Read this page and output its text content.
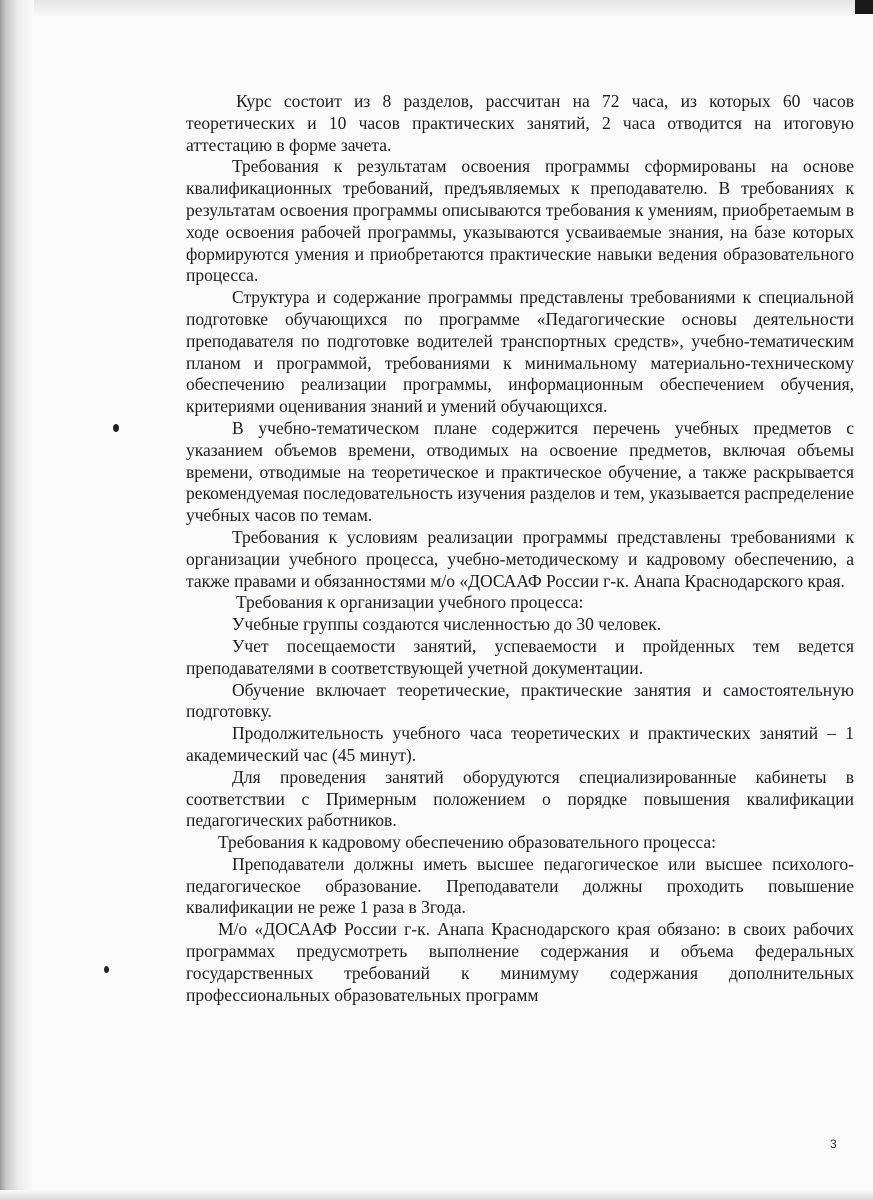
Курс состоит из 8 разделов, рассчитан на 72 часа, из которых 60 часов теоретических и 10 часов практических занятий, 2 часа отводится на итоговую аттестацию в форме зачета.

Требования к результатам освоения программы сформированы на основе квалификационных требований, предъявляемых к преподавателю. В требованиях к результатам освоения программы описываются требования к умениям, приобретаемым в ходе освоения рабочей программы, указываются усваиваемые знания, на базе которых формируются умения и приобретаются практические навыки ведения образовательного процесса.

Структура и содержание программы представлены требованиями к специальной подготовке обучающихся по программе «Педагогические основы деятельности преподавателя по подготовке водителей транспортных средств», учебно-тематическим планом и программой, требованиями к минимальному материально-техническому обеспечению реализации программы, информационным обеспечением обучения, критериями оценивания знаний и умений обучающихся.

В учебно-тематическом плане содержится перечень учебных предметов с указанием объемов времени, отводимых на освоение предметов, включая объемы времени, отводимые на теоретическое и практическое обучение, а также раскрывается рекомендуемая последовательность изучения разделов и тем, указывается распределение учебных часов по темам.

Требования к условиям реализации программы представлены требованиями к организации учебного процесса, учебно-методическому и кадровому обеспечению, а также правами и обязанностями м/о «ДОСААФ России г-к. Анапа Краснодарского края.

Требования к организации учебного процесса:

Учебные группы создаются численностью до 30 человек.

Учет посещаемости занятий, успеваемости и пройденных тем ведется преподавателями в соответствующей учетной документации.

Обучение включает теоретические, практические занятия и самостоятельную подготовку.

Продолжительность учебного часа теоретических и практических занятий – 1 академический час (45 минут).

Для проведения занятий оборудуются специализированные кабинеты в соответствии с Примерным положением о порядке повышения квалификации педагогических работников.

Требования к кадровому обеспечению образовательного процесса:

Преподаватели должны иметь высшее педагогическое или высшее психолого-педагогическое образование. Преподаватели должны проходить повышение квалификации не реже 1 раза в 3года.

М/о «ДОСААФ России г-к. Анапа Краснодарского края обязано: в своих рабочих программах предусмотреть выполнение содержания и объема федеральных государственных требований к минимуму содержания дополнительных профессиональных образовательных программ

3
